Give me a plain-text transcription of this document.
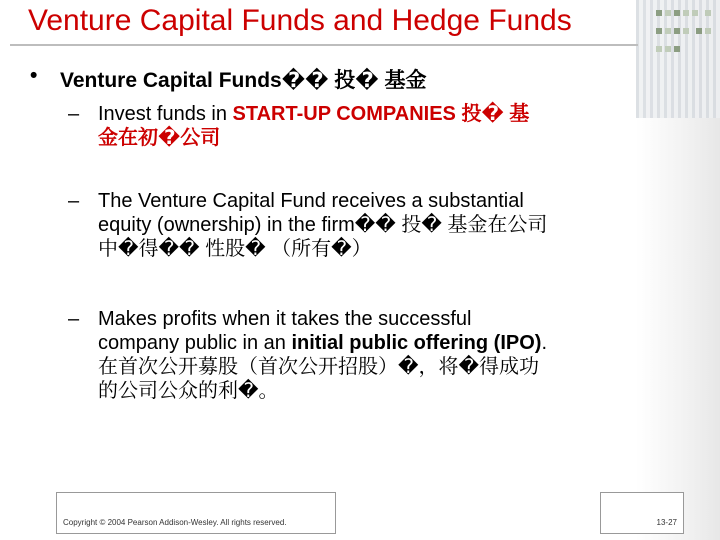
Venture Capital Funds and Hedge Funds
• Venture Capital Funds�� 投� 基金
– Invest funds in START-UP COMPANIES 投� 基
金在初�公司
– The Venture Capital Fund receives a substantial
equity (ownership) in the firm�� 投� 基金在公司
中�得�� 性股� （所有�）
– Makes profits when it takes the successful
company public in an initial public offering (IPO).
在首次公开募股（首次公开招股）�，将�得成功
的公司公众的利�。
Copyright © 2004 Pearson Addison-Wesley. All rights reserved.	13-27
